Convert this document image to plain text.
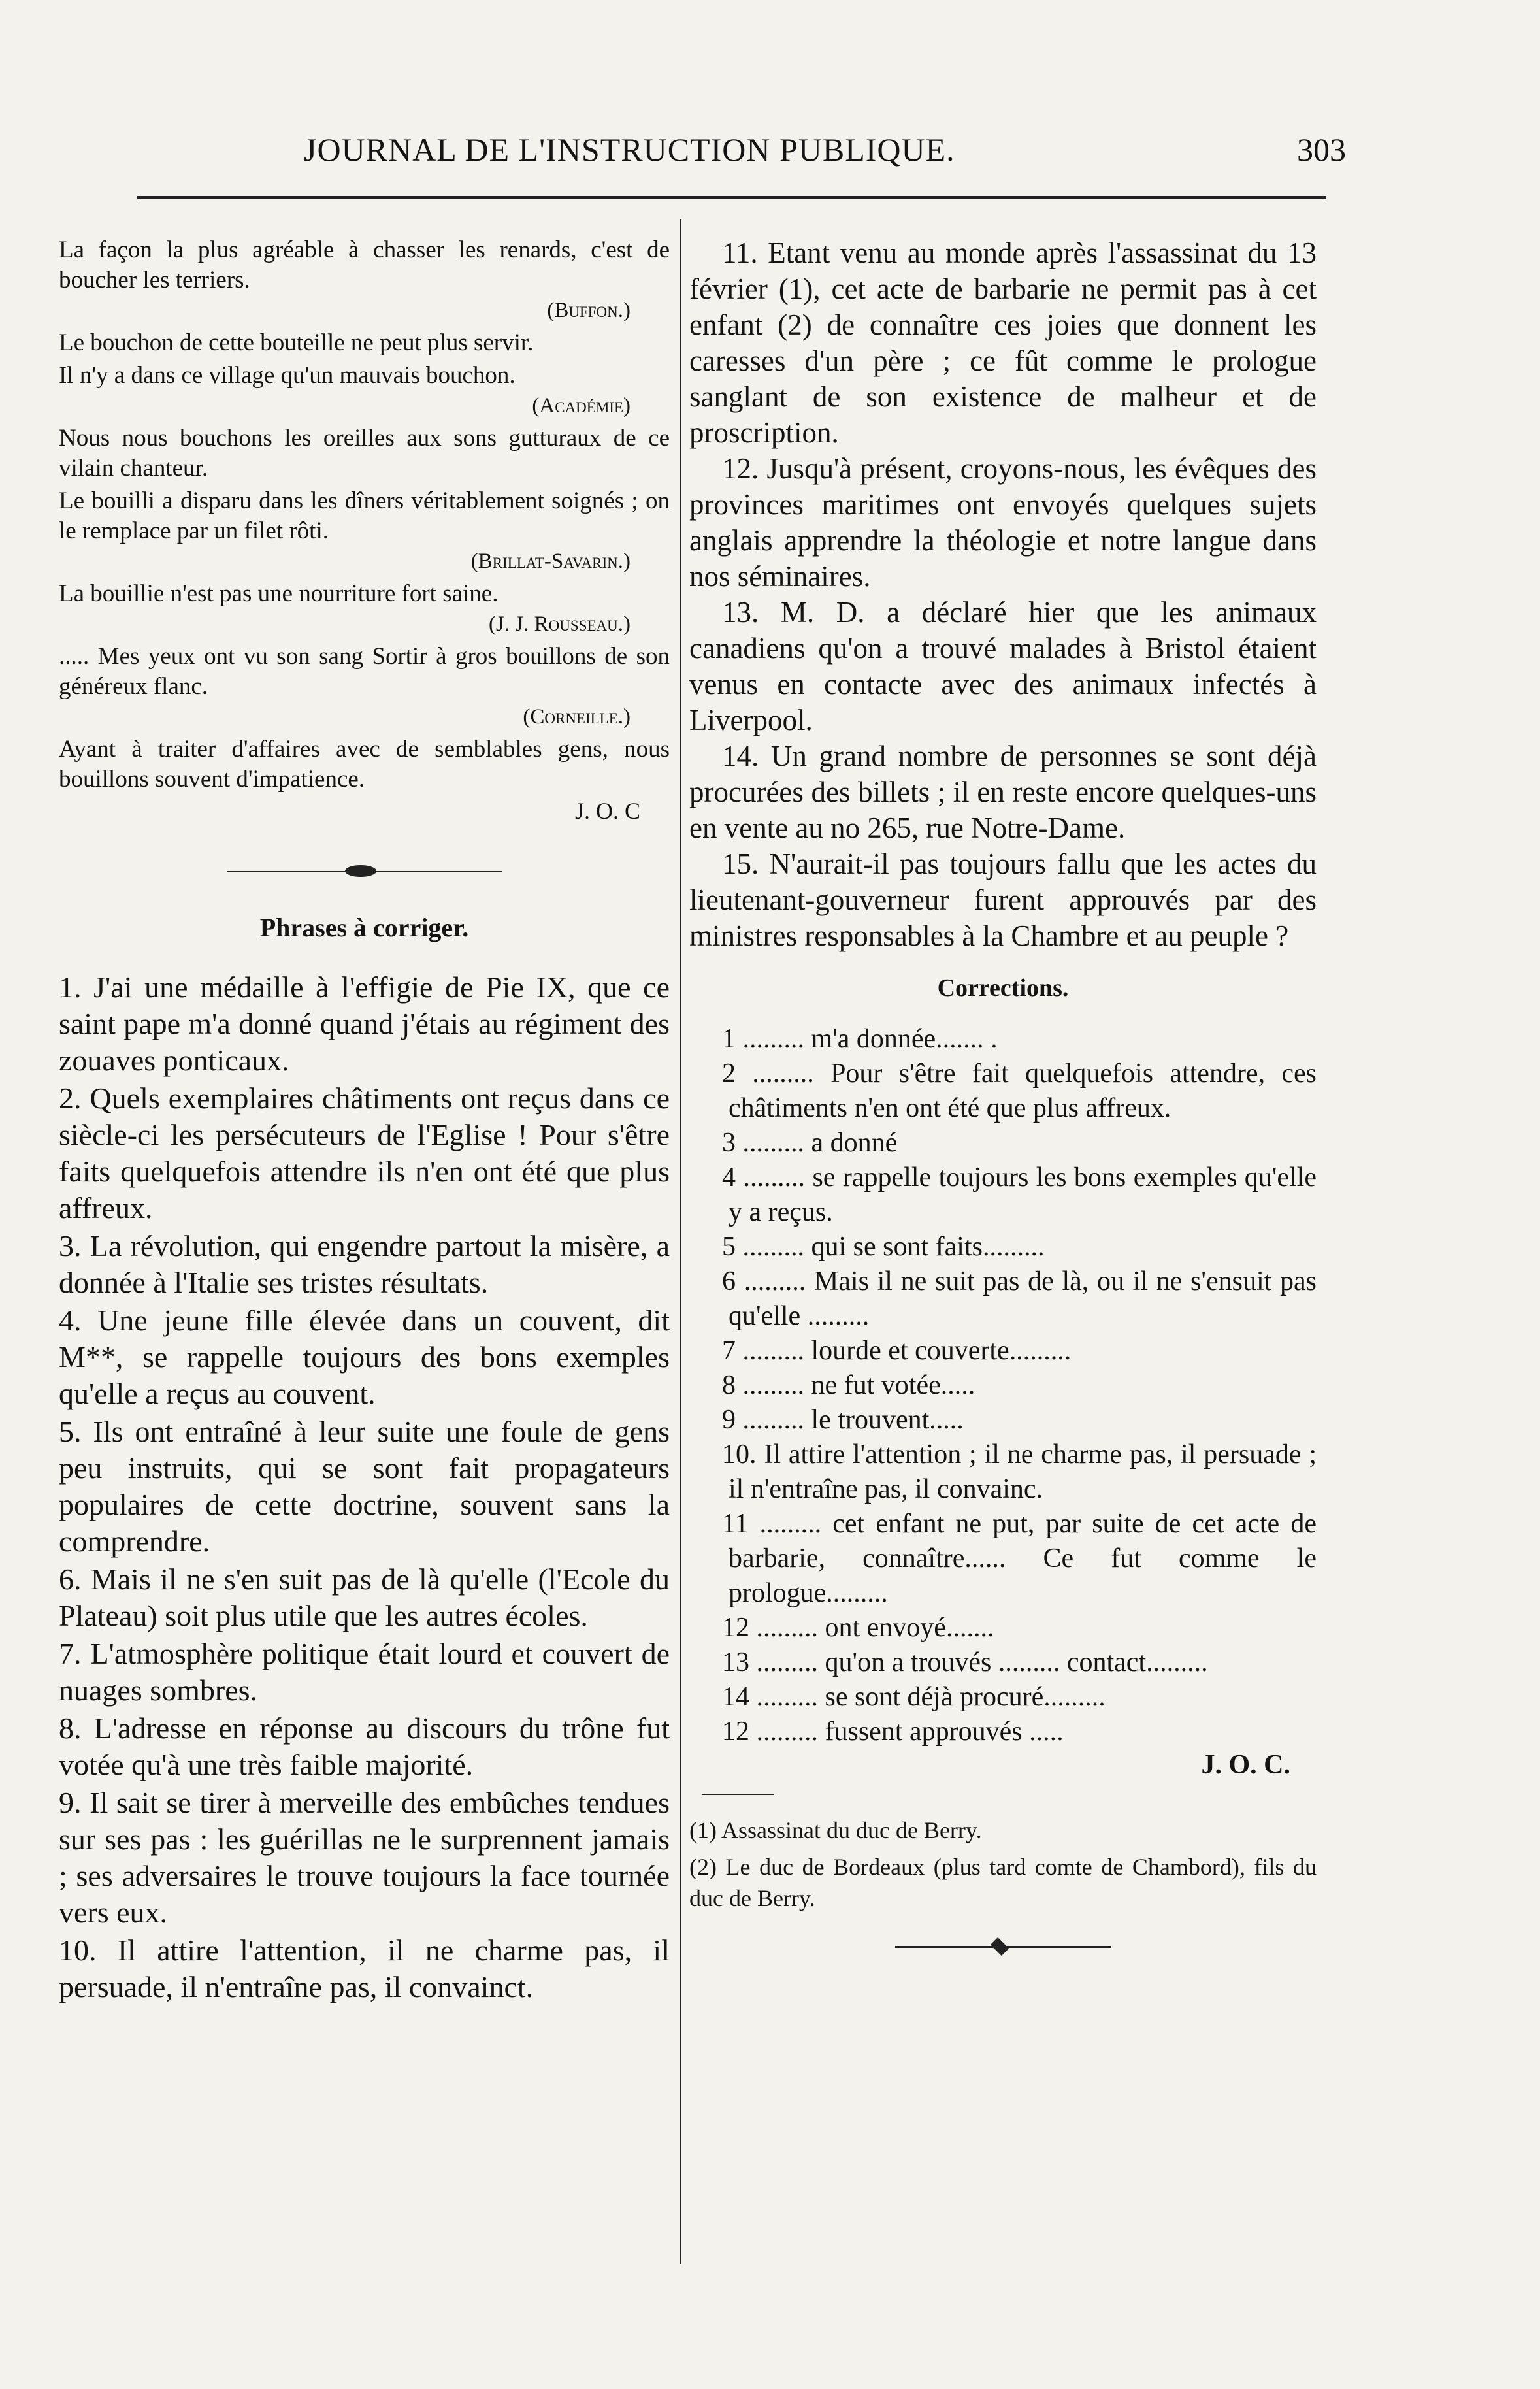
JOURNAL DE L'INSTRUCTION PUBLIQUE.	303

La façon la plus agréable à chasser les renards, c'est de boucher les terriers.
(Buffon.)

Le bouchon de cette bouteille ne peut plus servir.

Il n'y a dans ce village qu'un mauvais bouchon.
(Académie)

Nous nous bouchons les oreilles aux sons gutturaux de ce vilain chanteur.

Le bouilli a disparu dans les dîners véritablement soignés ; on le remplace par un filet rôti.
(Brillat-Savarin.)

La bouillie n'est pas une nourriture fort saine.
(J. J. Rousseau.)

..... Mes yeux ont vu son sang Sortir à gros bouillons de son généreux flanc.
(Corneille.)

Ayant à traiter d'affaires avec de semblables gens, nous bouillons souvent d'impatience.

J. O. C

Phrases à corriger.

1. J'ai une médaille à l'effigie de Pie IX, que ce saint pape m'a donné quand j'étais au régiment des zouaves ponticaux.

2. Quels exemplaires châtiments ont reçus dans ce siècle-ci les persécuteurs de l'Eglise ! Pour s'être faits quelquefois attendre ils n'en ont été que plus affreux.

3. La révolution, qui engendre partout la misère, a donnée à l'Italie ses tristes résultats.

4. Une jeune fille élevée dans un couvent, dit M**, se rappelle toujours des bons exemples qu'elle a reçus au couvent.

5. Ils ont entraîné à leur suite une foule de gens peu instruits, qui se sont fait propagateurs populaires de cette doctrine, souvent sans la comprendre.

6. Mais il ne s'en suit pas de là qu'elle (l'Ecole du Plateau) soit plus utile que les autres écoles.

7. L'atmosphère politique était lourd et couvert de nuages sombres.

8. L'adresse en réponse au discours du trône fut votée qu'à une très faible majorité.

9. Il sait se tirer à merveille des embûches tendues sur ses pas : les guérillas ne le surprennent jamais ; ses adversaires le trouve toujours la face tournée vers eux.

10. Il attire l'attention, il ne charme pas, il persuade, il n'entraîne pas, il convainct.

11. Etant venu au monde après l'assassinat du 13 février (1), cet acte de barbarie ne permit pas à cet enfant (2) de connaître ces joies que donnent les caresses d'un père ; ce fût comme le prologue sanglant de son existence de malheur et de proscription.

12. Jusqu'à présent, croyons-nous, les évêques des provinces maritimes ont envoyés quelques sujets anglais apprendre la théologie et notre langue dans nos séminaires.

13. M. D. a déclaré hier que les animaux canadiens qu'on a trouvé malades à Bristol étaient venus en contacte avec des animaux infectés à Liverpool.

14. Un grand nombre de personnes se sont déjà procurées des billets ; il en reste encore quelques-uns en vente au no 265, rue Notre-Dame.

15. N'aurait-il pas toujours fallu que les actes du lieutenant-gouverneur furent approuvés par des ministres responsables à la Chambre et au peuple ?

Corrections.

1 ......... m'a donnée....... .

2 ......... Pour s'être fait quelquefois attendre, ces châtiments n'en ont été que plus affreux.

3 ......... a donné

4 ......... se rappelle toujours les bons exemples qu'elle y a reçus.

5 ......... qui se sont faits.........

6 ......... Mais il ne suit pas de là, ou il ne s'ensuit pas qu'elle .........

7 ......... lourde et couverte.........

8 ......... ne fut votée.....

9 ......... le trouvent.....

10. Il attire l'attention ; il ne charme pas, il persuade ; il n'entraîne pas, il convainc.

11 ......... cet enfant ne put, par suite de cet acte de barbarie, connaître...... Ce fut comme le prologue.........

12 ......... ont envoyé.......

13 ......... qu'on a trouvés ......... contact.........

14 ......... se sont déjà procuré.........

12 ......... fussent approuvés .....

J. O. C.

(1) Assassinat du duc de Berry.

(2) Le duc de Bordeaux (plus tard comte de Chambord), fils du duc de Berry.
